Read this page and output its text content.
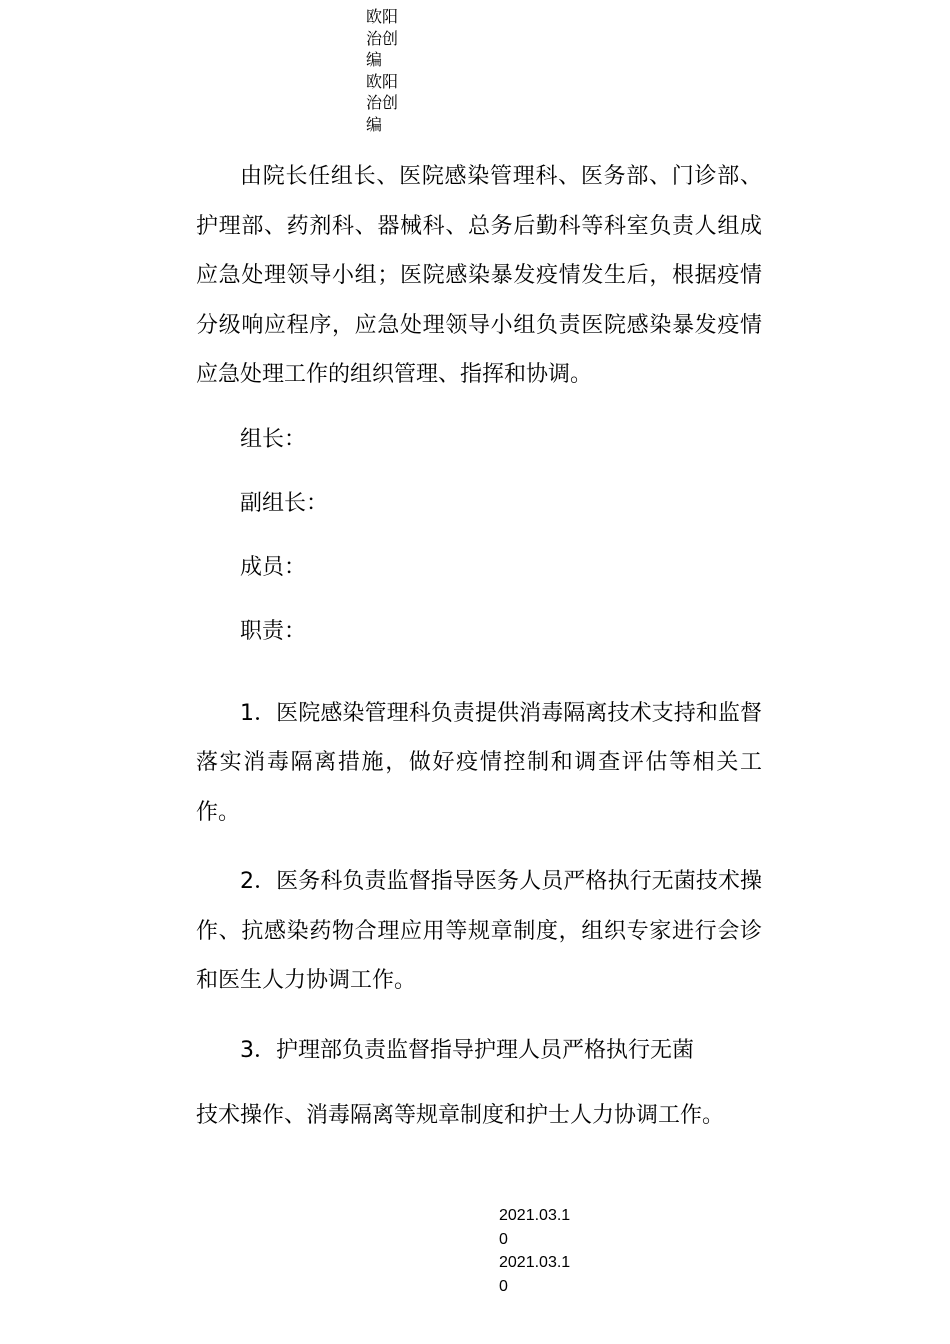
欧阳
治创
编
欧阳
治创
编

由院长任组长、医院感染管理科、医务部、门诊部、护理部、药剂科、器械科、总务后勤科等科室负责人组成应急处理领导小组；医院感染暴发疫情发生后，根据疫情分级响应程序，应急处理领导小组负责医院感染暴发疫情应急处理工作的组织管理、指挥和协调。

组长：

副组长：

成员：

职责：

1．医院感染管理科负责提供消毒隔离技术支持和监督落实消毒隔离措施，做好疫情控制和调查评估等相关工作。

2．医务科负责监督指导医务人员严格执行无菌技术操作、抗感染药物合理应用等规章制度，组织专家进行会诊和医生人力协调工作。

3．护理部负责监督指导护理人员严格执行无菌

技术操作、消毒隔离等规章制度和护士人力协调工作。

2021.03.10
2021.03.10
